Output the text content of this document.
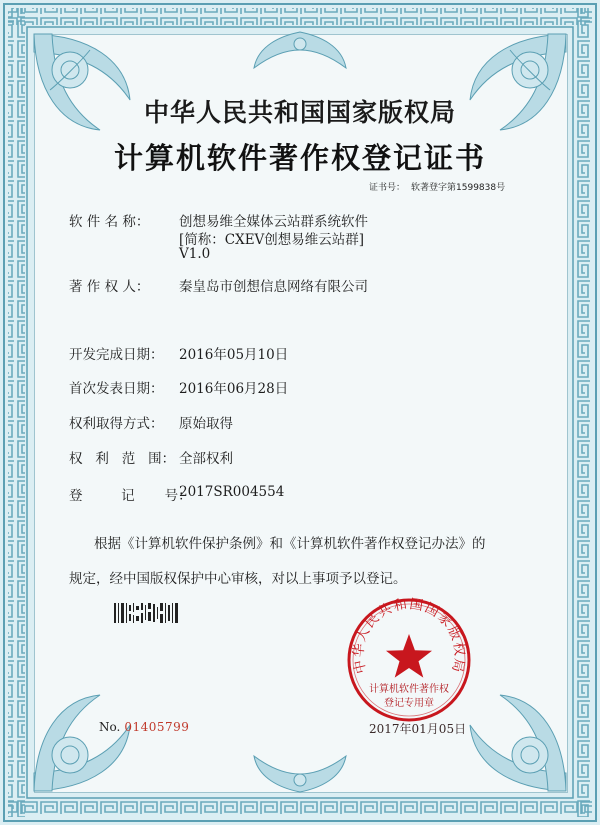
中华人民共和国国家版权局
计算机软件著作权登记证书
证书号： 软著登字第1599838号
软 件 名 称： 创想易维全媒体云站群系统软件
[简称：CXEV创想易维云站群]
V1.0
著 作 权 人： 秦皇岛市创想信息网络有限公司
开发完成日期： 2016年05月10日
首次发表日期： 2016年06月28日
权利取得方式： 原始取得
权   利   范   围： 全部权利
登         记       号：
2017SR004554
根据《计算机软件保护条例》和《计算机软件著作权登记办法》的
规定，经中国版权保护中心审核，对以上事项予以登记。
中华人民共和国国家版权局
计算机软件著作权
登记专用章
No. 01405799	2017年01月05日
